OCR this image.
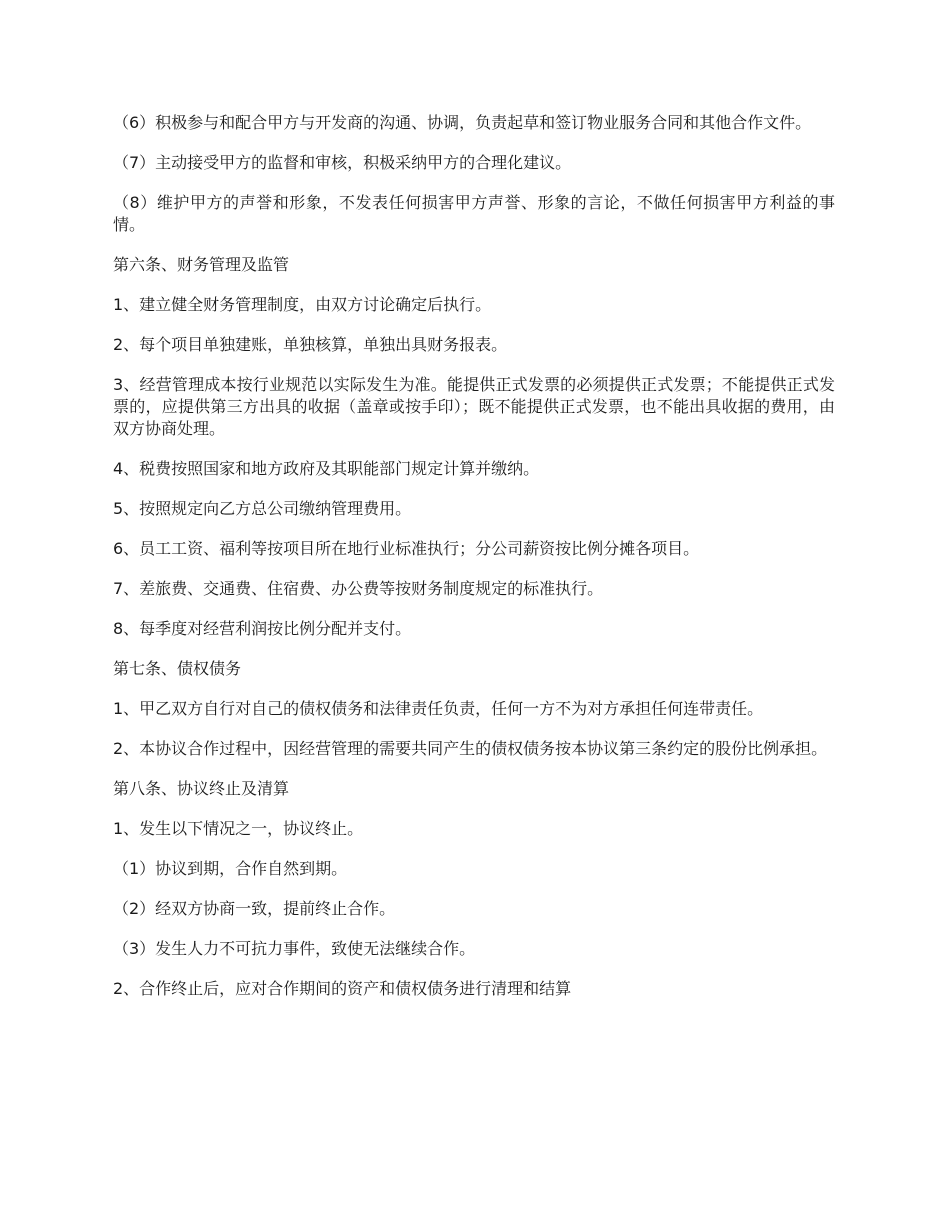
（6）积极参与和配合甲方与开发商的沟通、协调，负责起草和签订物业服务合同和其他合作文件。

（7）主动接受甲方的监督和审核，积极采纳甲方的合理化建议。

（8）维护甲方的声誉和形象，不发表任何损害甲方声誉、形象的言论，不做任何损害甲方利益的事情。

第六条、财务管理及监管

1、建立健全财务管理制度，由双方讨论确定后执行。

2、每个项目单独建账，单独核算，单独出具财务报表。

3、经营管理成本按行业规范以实际发生为准。能提供正式发票的必须提供正式发票；不能提供正式发票的，应提供第三方出具的收据（盖章或按手印）；既不能提供正式发票，也不能出具收据的费用，由双方协商处理。

4、税费按照国家和地方政府及其职能部门规定计算并缴纳。

5、按照规定向乙方总公司缴纳管理费用。

6、员工工资、福利等按项目所在地行业标准执行；分公司薪资按比例分摊各项目。

7、差旅费、交通费、住宿费、办公费等按财务制度规定的标准执行。

8、每季度对经营利润按比例分配并支付。

第七条、债权债务

1、甲乙双方自行对自己的债权债务和法律责任负责，任何一方不为对方承担任何连带责任。

2、本协议合作过程中，因经营管理的需要共同产生的债权债务按本协议第三条约定的股份比例承担。

第八条、协议终止及清算

1、发生以下情况之一，协议终止。

（1）协议到期，合作自然到期。

（2）经双方协商一致，提前终止合作。

（3）发生人力不可抗力事件，致使无法继续合作。

2、合作终止后，应对合作期间的资产和债权债务进行清理和结算
